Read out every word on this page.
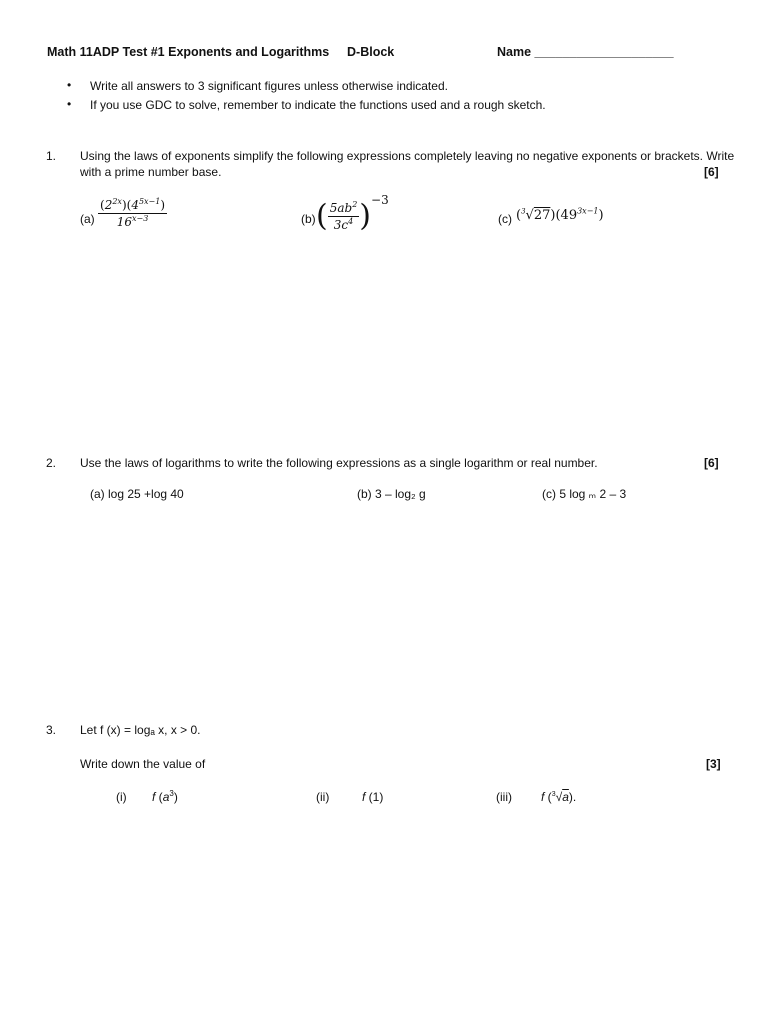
Math 11ADP Test #1 Exponents and Logarithms D-Block	Name ____________________
• Write all answers to 3 significant figures unless otherwise indicated.
• If you use GDC to solve, remember to indicate the functions used and a rough sketch.
1. Using the laws of exponents simplify the following expressions completely leaving no negative exponents or brackets. Write
with a prime number base.	[6]
$(a) \frac{(2^{2x})(4^{5x-1})}{16^{x-3}}$	(b) ( $\frac{5ab^2}{3c^4} )-3$
(c) $(^3√27)(49^{3x-1})$
2. Use the laws of logarithms to write the following expressions as a single logarithm or real number.	[6]
(a) log 25 +log 40	(b) 3 – log₂ g	(c) 5 log ₘ 2 – 3
3. Let f (x) = logₐ x, x > 0.
Write down the value of	[3]
(i) f $(a^3)$	(ii)	f (1)	(iii) f ($^3$√a).
